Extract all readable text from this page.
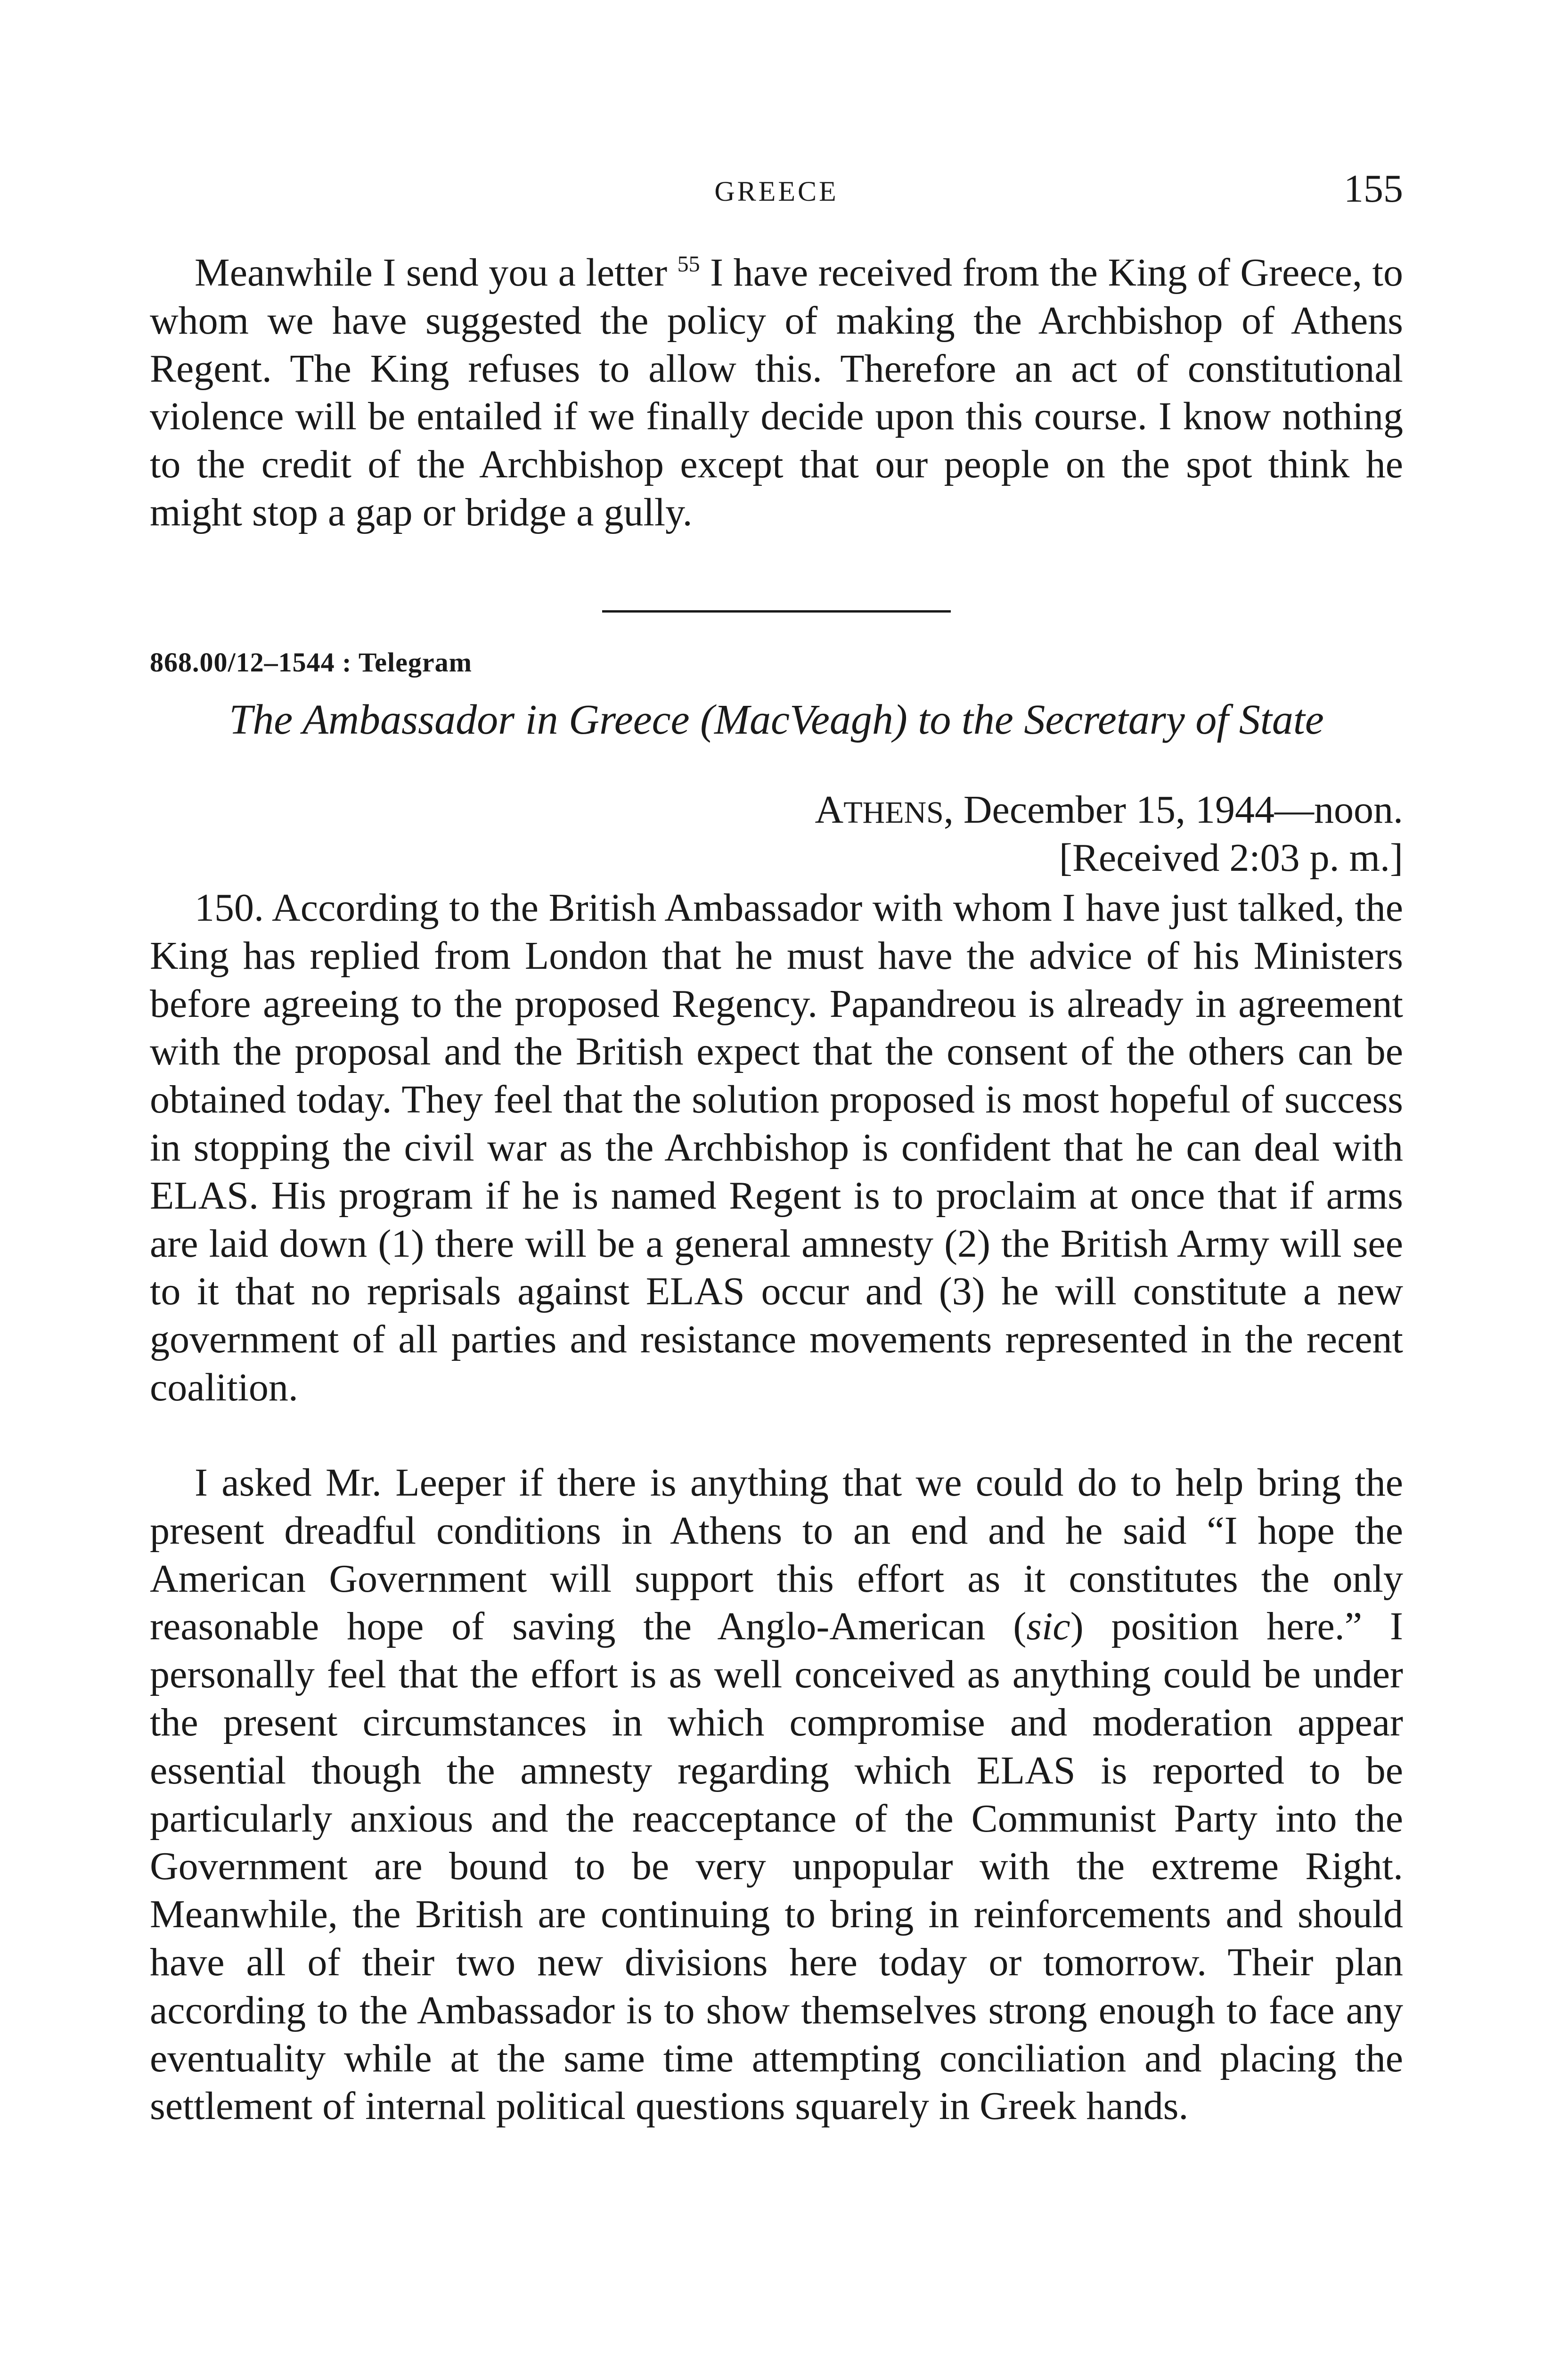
GREECE	155

Meanwhile I send you a letter $^{55}$ I have received from the King of Greece, to whom we have suggested the policy of making the Archbishop of Athens Regent. The King refuses to allow this. Therefore an act of constitutional violence will be entailed if we finally decide upon this course. I know nothing to the credit of the Archbishop except that our people on the spot think he might stop a gap or bridge a gully.

868.00/12–1544 : Telegram
The Ambassador in Greece (MacVeagh) to the Secretary of State
ATHENS, December 15, 1944—noon.
[Received 2:03 p. m.]

150. According to the British Ambassador with whom I have just talked, the King has replied from London that he must have the advice of his Ministers before agreeing to the proposed Regency. Papandreou is already in agreement with the proposal and the British expect that the consent of the others can be obtained today. They feel that the solution proposed is most hopeful of success in stopping the civil war as the Archbishop is confident that he can deal with ELAS. His program if he is named Regent is to proclaim at once that if arms are laid down (1) there will be a general amnesty (2) the British Army will see to it that no reprisals against ELAS occur and (3) he will constitute a new government of all parties and resistance movements represented in the recent coalition.

I asked Mr. Leeper if there is anything that we could do to help bring the present dreadful conditions in Athens to an end and he said “I hope the American Government will support this effort as it constitutes the only reasonable hope of saving the Anglo-American (sic) position here.” I personally feel that the effort is as well conceived as anything could be under the present circumstances in which compromise and moderation appear essential though the amnesty regarding which ELAS is reported to be particularly anxious and the reacceptance of the Communist Party into the Government are bound to be very unpopular with the extreme Right. Meanwhile, the British are continuing to bring in reinforcements and should have all of their two new divisions here today or tomorrow. Their plan according to the Ambassador is to show themselves strong enough to face any eventuality while at the same time attempting conciliation and placing the settlement of internal political questions squarely in Greek hands.
